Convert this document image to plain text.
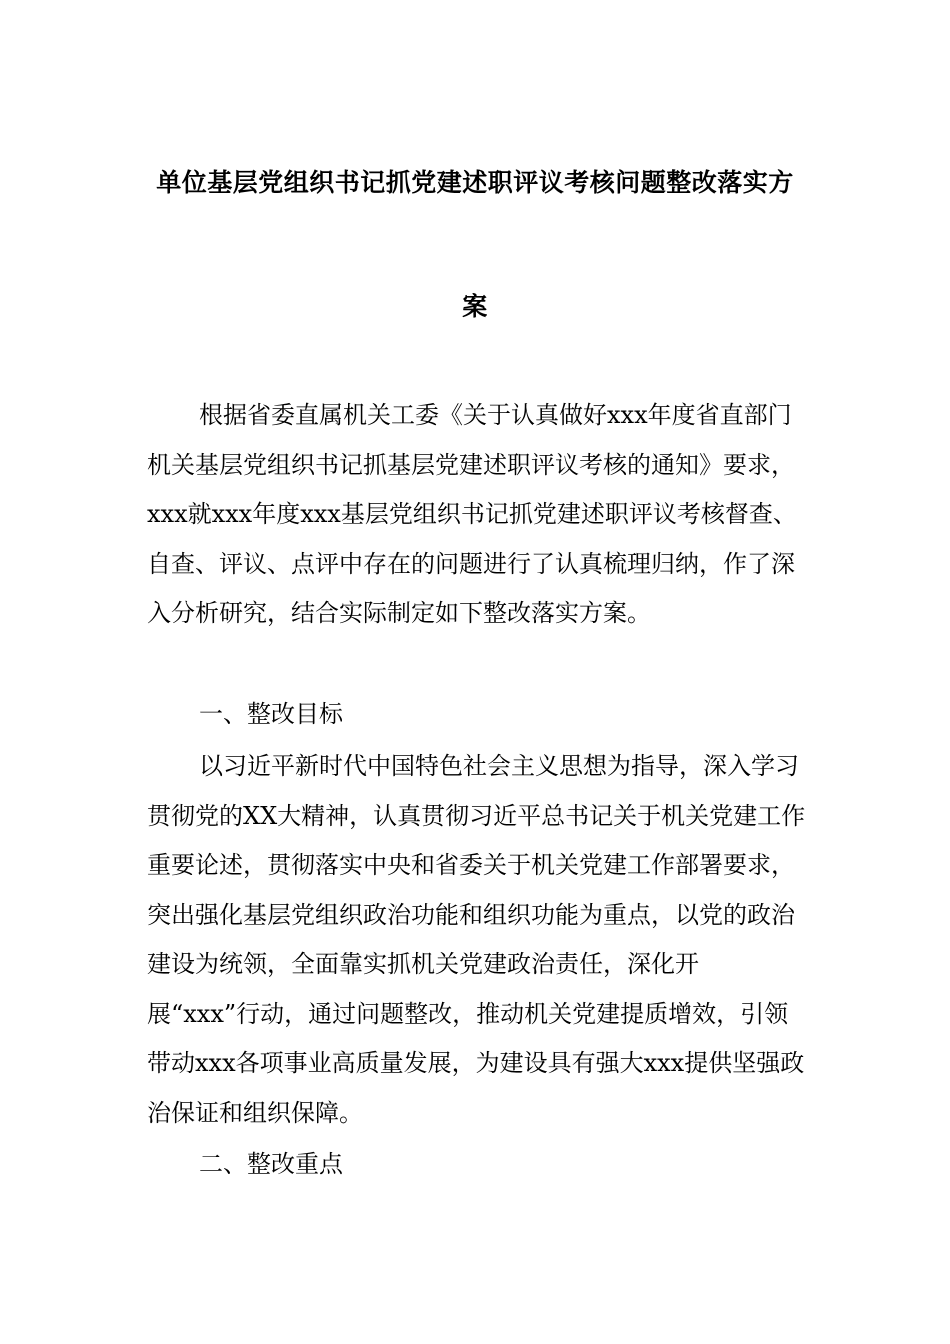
单位基层党组织书记抓党建述职评议考核问题整改落实方
案
根据省委直属机关工委《关于认真做好xxx年度省直部门机关基层党组织书记抓基层党建述职评议考核的通知》要求，xxx就xxx年度xxx基层党组织书记抓党建述职评议考核督查、自查、评议、点评中存在的问题进行了认真梳理归纳，作了深入分析研究，结合实际制定如下整改落实方案。
一、整改目标
以习近平新时代中国特色社会主义思想为指导，深入学习贯彻党的XX大精神，认真贯彻习近平总书记关于机关党建工作重要论述，贯彻落实中央和省委关于机关党建工作部署要求，突出强化基层党组织政治功能和组织功能为重点，以党的政治建设为统领，全面靠实抓机关党建政治责任，深化开展“xxx”行动，通过问题整改，推动机关党建提质增效，引领带动xxx各项事业高质量发展，为建设具有强大xxx提供坚强政治保证和组织保障。
二、整改重点
